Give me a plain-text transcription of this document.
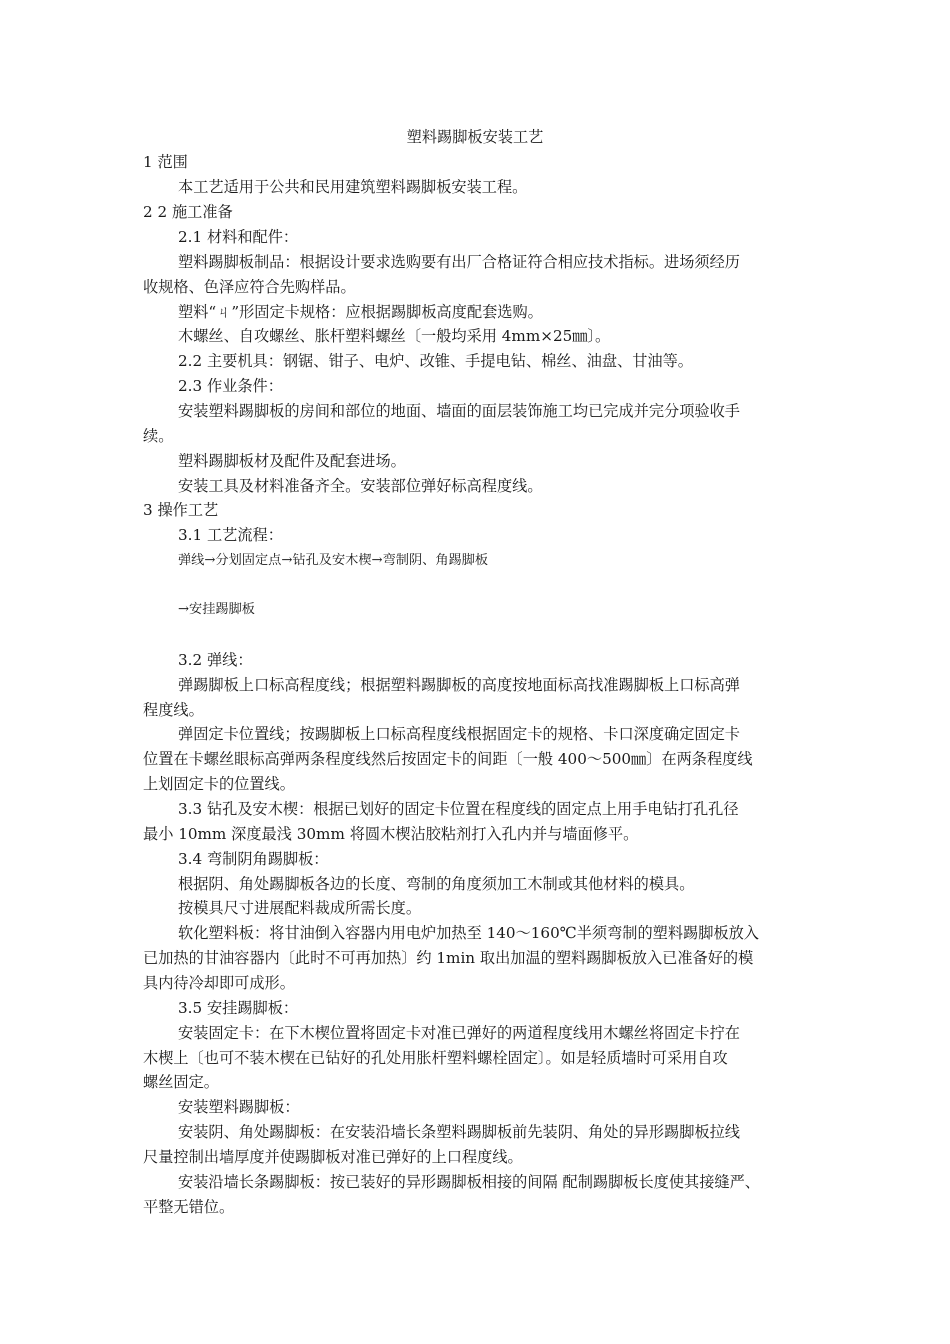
塑料踢脚板安装工艺

1 范围

本工艺适用于公共和民用建筑塑料踢脚板安装工程。

2 2 施工准备

2.1 材料和配件：

塑料踢脚板制品：根据设计要求选购要有出厂合格证符合相应技术指标。进场须经历

收规格、色泽应符合先购样品。

塑料“ㄐ”形固定卡规格：应根据踢脚板高度配套选购。

木螺丝、自攻螺丝、胀杆塑料螺丝〔一般均采用 4mm×25㎜〕。

2.2 主要机具：钢锯、钳子、电炉、改锥、手提电钻、棉丝、油盘、甘油等。

2.3 作业条件：

安装塑料踢脚板的房间和部位的地面、墙面的面层装饰施工均已完成并完分项验收手

续。

塑料踢脚板材及配件及配套进场。

安装工具及材料准备齐全。安装部位弹好标高程度线。

3 操作工艺

3.1 工艺流程：

弹线→分划固定点→钻孔及安木楔→弯制阴、角踢脚板

→安挂踢脚板

3.2 弹线：

弹踢脚板上口标高程度线；根据塑料踢脚板的高度按地面标高找准踢脚板上口标高弹

程度线。

弹固定卡位置线；按踢脚板上口标高程度线根据固定卡的规格、卡口深度确定固定卡

位置在卡螺丝眼标高弹两条程度线然后按固定卡的间距〔一般 400～500㎜〕在两条程度线

上划固定卡的位置线。

3.3 钻孔及安木楔：根据已划好的固定卡位置在程度线的固定点上用手电钻打孔孔径

最小 10mm 深度最浅 30mm 将圆木楔沾胶粘剂打入孔内并与墙面修平。

3.4 弯制阴角踢脚板：

根据阴、角处踢脚板各边的长度、弯制的角度须加工木制或其他材料的模具。

按模具尺寸进展配料裁成所需长度。

软化塑料板：将甘油倒入容器内用电炉加热至 140～160℃半须弯制的塑料踢脚板放入

已加热的甘油容器内〔此时不可再加热〕约 1min 取出加温的塑料踢脚板放入已准备好的模

具内待冷却即可成形。

3.5 安挂踢脚板：

安装固定卡：在下木楔位置将固定卡对准已弹好的两道程度线用木螺丝将固定卡拧在

木楔上〔也可不装木楔在已钻好的孔处用胀杆塑料螺栓固定〕。如是轻质墙时可采用自攻

螺丝固定。

安装塑料踢脚板：

安装阴、角处踢脚板：在安装沿墙长条塑料踢脚板前先装阴、角处的异形踢脚板拉线

尺量控制出墙厚度并使踢脚板对准已弹好的上口程度线。

安装沿墙长条踢脚板：按已装好的异形踢脚板相接的间隔 配制踢脚板长度使其接缝严、

平整无错位。
